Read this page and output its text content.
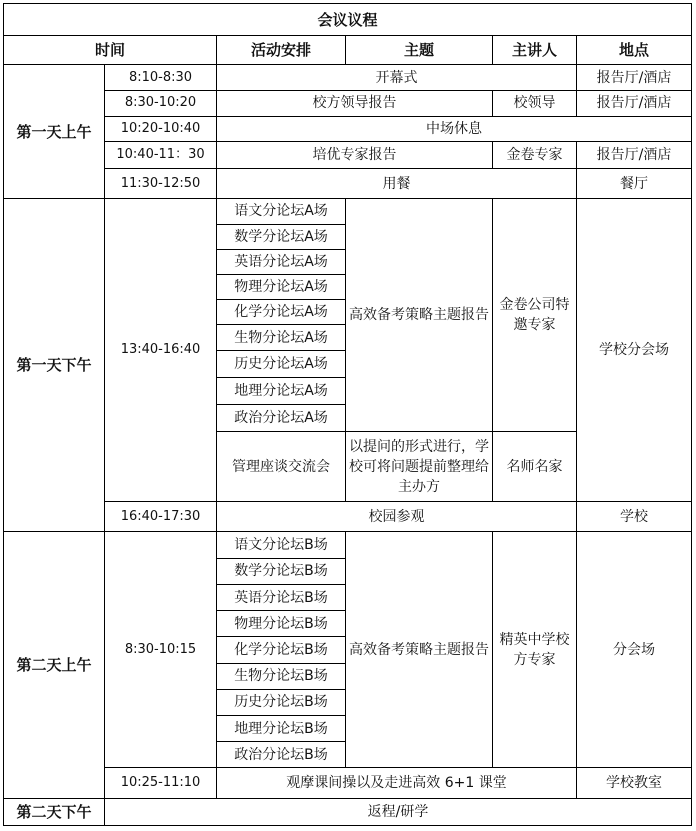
会议议程					
时间		活动安排	主题	主讲人	地点
第一天上午	8:10-8:30	开幕式			报告厅/酒店
	8:30-10:20	校方领导报告		校领导	报告厅/酒店
	10:20-10:40	中场休息			
	10:40-11：30	培优专家报告		金卷专家	报告厅/酒店
	11:30-12:50	用餐			餐厅
第一天下午	13:40-16:40	语文分论坛A场	高效备考策略主题报告	金卷公司特邀专家	学校分会场
		数学分论坛A场			
		英语分论坛A场			
		物理分论坛A场			
		化学分论坛A场			
		生物分论坛A场			
		历史分论坛A场			
		地理分论坛A场			
		政治分论坛A场			
		管理座谈交流会	以提问的形式进行，学校可将问题提前整理给主办方	名师名家	
	16:40-17:30	校园参观			学校
第二天上午	8:30-10:15	语文分论坛B场	高效备考策略主题报告	精英中学校方专家	分会场
		数学分论坛B场			
		英语分论坛B场			
		物理分论坛B场			
		化学分论坛B场			
		生物分论坛B场			
		历史分论坛B场			
		地理分论坛B场			
		政治分论坛B场			
	10:25-11:10	观摩课间操以及走进高效 6+1 课堂			学校教室
第二天下午	返程/研学				
